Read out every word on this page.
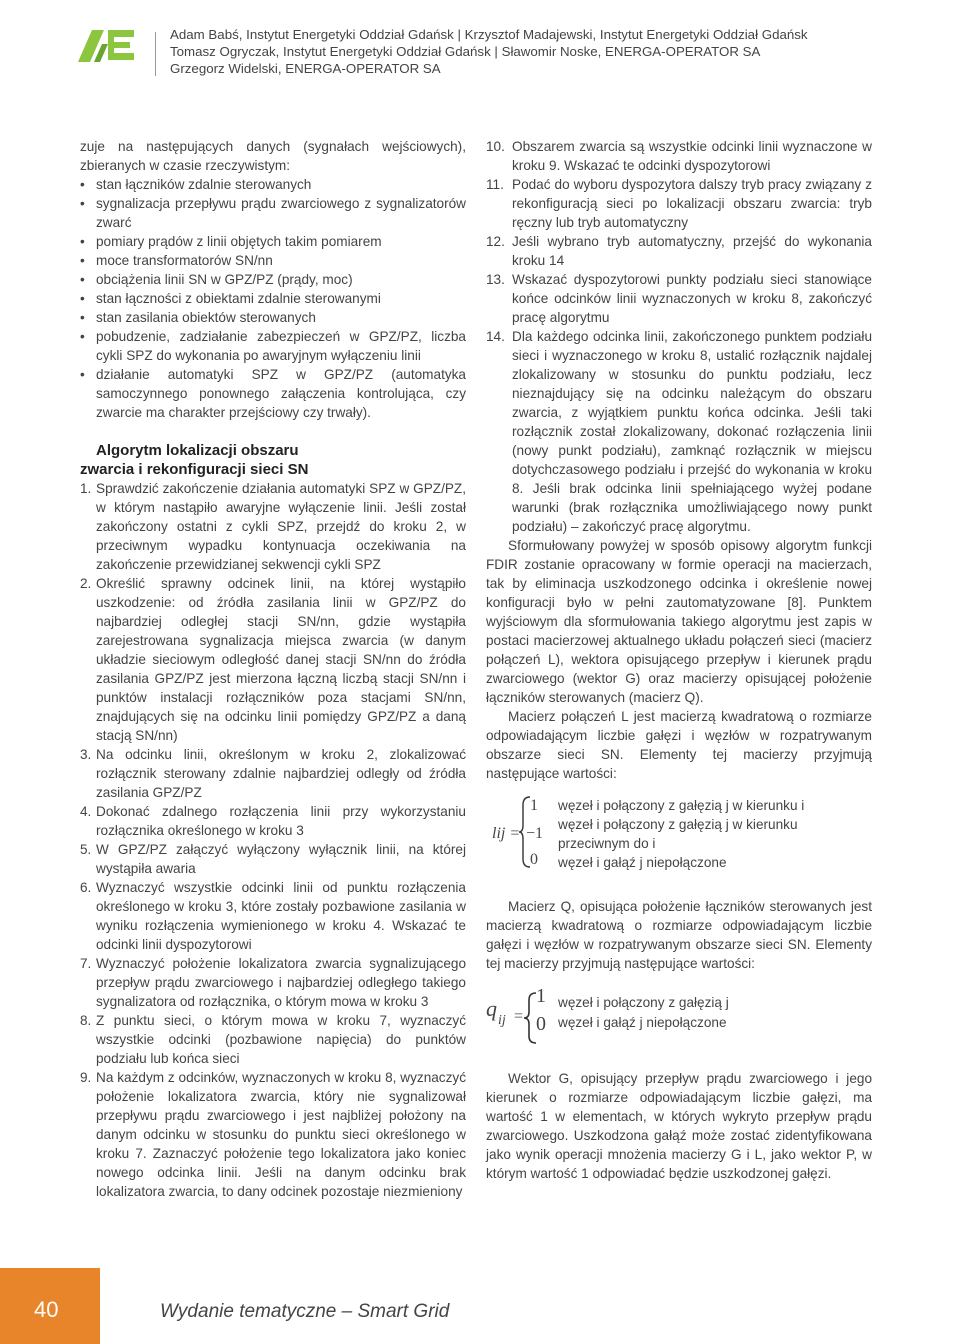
Adam Babś, Instytut Energetyki Oddział Gdańsk | Krzysztof Madajewski, Instytut Energetyki Oddział Gdańsk
Tomasz Ogryczak, Instytut Energetyki Oddział Gdańsk | Sławomir Noske, ENERGA-OPERATOR SA
Grzegorz Widelski, ENERGA-OPERATOR SA

zuje na następujących danych (sygnałach wejściowych), zbieranych w czasie rzeczywistym:

• stan łączników zdalnie sterowanych
• sygnalizacja przepływu prądu zwarciowego z sygnalizatorów zwarć
• pomiary prądów z linii objętych takim pomiarem
• moce transformatorów SN/nn
• obciążenia linii SN w GPZ/PZ (prądy, moc)
• stan łączności z obiektami zdalnie sterowanymi
• stan zasilania obiektów sterowanych
• pobudzenie, zadziałanie zabezpieczeń w GPZ/PZ, liczba cykli SPZ do wykonania po awaryjnym wyłączeniu linii
• działanie automatyki SPZ w GPZ/PZ (automatyka samoczynnego ponownego załączenia kontrolująca, czy zwarcie ma charakter przejściowy czy trwały).
Algorytm lokalizacji obszaru
zwarcia i rekonfiguracji sieci SN
1. Sprawdzić zakończenie działania automatyki SPZ w GPZ/PZ, w którym nastąpiło awaryjne wyłączenie linii. Jeśli został zakończony ostatni z cykli SPZ, przejdź do kroku 2, w przeciwnym wypadku kontynuacja oczekiwania na zakończenie przewidzianej sekwencji cykli SPZ
2. Określić sprawny odcinek linii, na której wystąpiło uszkodzenie: od źródła zasilania linii w GPZ/PZ do najbardziej odległej stacji SN/nn, gdzie wystąpiła zarejestrowana sygnalizacja miejsca zwarcia (w danym układzie sieciowym odległość danej stacji SN/nn do źródła zasilania GPZ/PZ jest mierzona łączną liczbą stacji SN/nn i punktów instalacji rozłączników poza stacjami SN/nn, znajdujących się na odcinku linii pomiędzy GPZ/PZ a daną stacją SN/nn)
3. Na odcinku linii, określonym w kroku 2, zlokalizować rozłącznik sterowany zdalnie najbardziej odległy od źródła zasilania GPZ/PZ
4. Dokonać zdalnego rozłączenia linii przy wykorzystaniu rozłącznika określonego w kroku 3
5. W GPZ/PZ załączyć wyłączony wyłącznik linii, na której wystąpiła awaria
6. Wyznaczyć wszystkie odcinki linii od punktu rozłączenia określonego w kroku 3, które zostały pozbawione zasilania w wyniku rozłączenia wymienionego w kroku 4. Wskazać te odcinki linii dyspozytorowi
7. Wyznaczyć położenie lokalizatora zwarcia sygnalizującego przepływ prądu zwarciowego i najbardziej odległego takiego sygnalizatora od rozłącznika, o którym mowa w kroku 3
8. Z punktu sieci, o którym mowa w kroku 7, wyznaczyć wszystkie odcinki (pozbawione napięcia) do punktów podziału lub końca sieci
9. Na każdym z odcinków, wyznaczonych w kroku 8, wyznaczyć położenie lokalizatora zwarcia, który nie sygnalizował przepływu prądu zwarciowego i jest najbliżej położony na danym odcinku w stosunku do punktu sieci określonego w kroku 7. Zaznaczyć położenie tego lokalizatora jako koniec nowego odcinka linii. Jeśli na danym odcinku brak lokalizatora zwarcia, to dany odcinek pozostaje niezmieniony
10. Obszarem zwarcia są wszystkie odcinki linii wyznaczone w kroku 9. Wskazać te odcinki dyspozytorowi
11. Podać do wyboru dyspozytora dalszy tryb pracy związany z rekonfiguracją sieci po lokalizacji obszaru zwarcia: tryb ręczny lub tryb automatyczny
12. Jeśli wybrano tryb automatyczny, przejść do wykonania kroku 14
13. Wskazać dyspozytorowi punkty podziału sieci stanowiące końce odcinków linii wyznaczonych w kroku 8, zakończyć pracę algorytmu
14. Dla każdego odcinka linii, zakończonego punktem podziału sieci i wyznaczonego w kroku 8, ustalić rozłącznik najdalej zlokalizowany w stosunku do punktu podziału, lecz nieznajdujący się na odcinku należącym do obszaru zwarcia, z wyjątkiem punktu końca odcinka. Jeśli taki rozłącznik został zlokalizowany, dokonać rozłączenia linii (nowy punkt podziału), zamknąć rozłącznik w miejscu dotychczasowego podziału i przejść do wykonania w kroku 8. Jeśli brak odcinka linii spełniającego wyżej podane warunki (brak rozłącznika umożliwiającego nowy punkt podziału) – zakończyć pracę algorytmu.

Sformułowany powyżej w sposób opisowy algorytm funkcji FDIR zostanie opracowany w formie operacji na macierzach, tak by eliminacja uszkodzonego odcinka i określenie nowej konfiguracji było w pełni zautomatyzowane [8]. Punktem wyjściowym dla sformułowania takiego algorytmu jest zapis w postaci macierzowej aktualnego układu połączeń sieci (macierz połączeń L), wektora opisującego przepływ i kierunek prądu zwarciowego (wektor G) oraz macierzy opisującej położenie łączników sterowanych (macierz Q).

Macierz połączeń L jest macierzą kwadratową o rozmiarze odpowiadającym liczbie gałęzi i węzłów w rozpatrywanym obszarze sieci SN. Elementy tej macierzy przyjmują następujące wartości:

lij =
1
−1
0
węzeł i połączony z gałęzią j w kierunku i
węzeł i połączony z gałęzią j w kierunku przeciwnym do i
węzeł i gałąź j niepołączone

Macierz Q, opisująca położenie łączników sterowanych jest macierzą kwadratową o rozmiarze odpowiadającym liczbie gałęzi i węzłów w rozpatrywanym obszarze sieci SN. Elementy tej macierzy przyjmują następujące wartości:

q ij =
1
0
węzeł i połączony z gałęzią j
węzeł i gałąź j niepołączone

Wektor G, opisujący przepływ prądu zwarciowego i jego kierunek o rozmiarze odpowiadającym liczbie gałęzi, ma wartość 1 w elementach, w których wykryto przepływ prądu zwarciowego. Uszkodzona gałąź może zostać zidentyfikowana jako wynik operacji mnożenia macierzy G i L, jako wektor P, w którym wartość 1 odpowiadać będzie uszkodzonej gałęzi.

40	Wydanie tematyczne – Smart Grid
